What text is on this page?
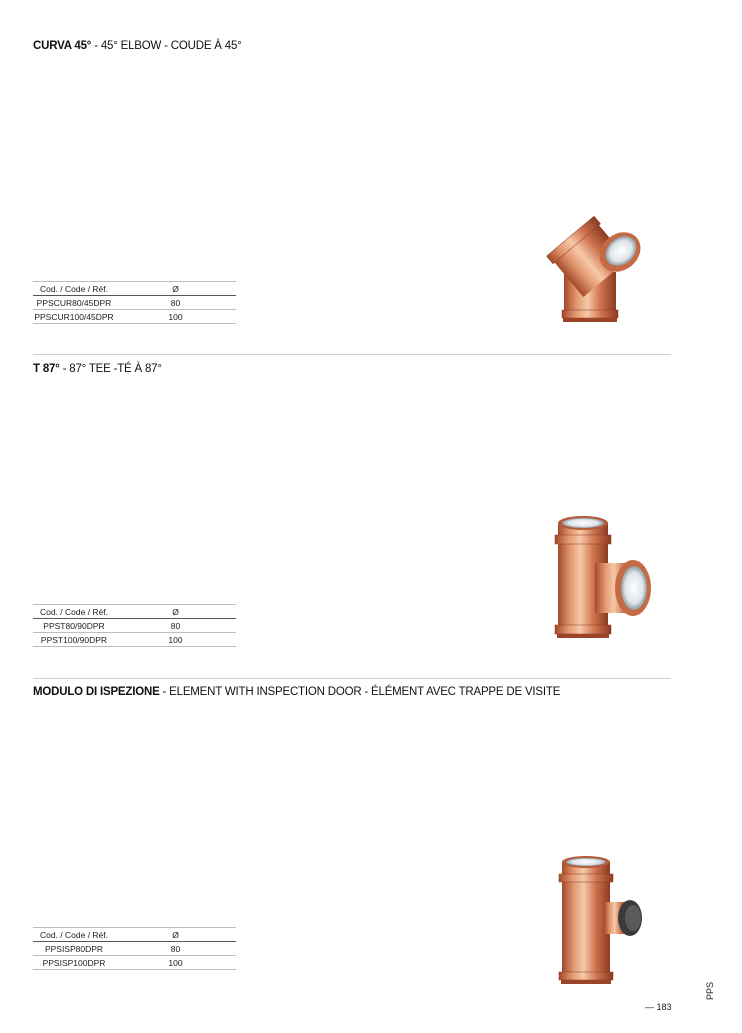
CURVA 45° - 45° ELBOW - COUDE À 45°
Cod. / Code / Réf.	Ø
PPSCUR80/45DPR	80
PPSCUR100/45DPR	100
T 87° - 87° TEE -TÉ À 87°
Cod. / Code / Réf.	Ø
PPST80/90DPR	80
PPST100/90DPR	100
MODULO DI ISPEZIONE - ELEMENT WITH INSPECTION DOOR - ÉLÉMENT AVEC TRAPPE DE VISITE
Cod. / Code / Réf.	Ø
PPSISP80DPR	80
PPSISP100DPR	100
PPS
— 183
